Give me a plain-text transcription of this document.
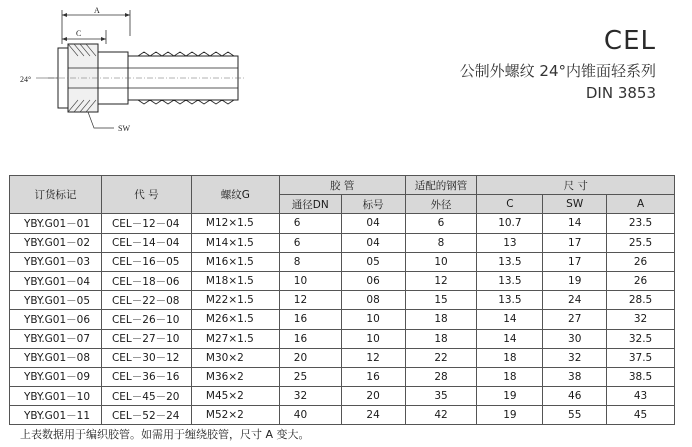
A
C
24°
SW
CEL
公制外螺纹 24°内锥面轻系列
DIN 3853
订货标记	代 号	螺纹G	胶 管		适配的钢管	尺 寸		
			通径DN	标号	外径	C	SW	A
YBY.G01－01	CEL－12－04	M12×1.5	6	04	6	10.7	14	23.5
YBY.G01－02	CEL－14－04	M14×1.5	6	04	8	13	17	25.5
YBY.G01－03	CEL－16－05	M16×1.5	8	05	10	13.5	17	26
YBY.G01－04	CEL－18－06	M18×1.5	10	06	12	13.5	19	26
YBY.G01－05	CEL－22－08	M22×1.5	12	08	15	13.5	24	28.5
YBY.G01－06	CEL－26－10	M26×1.5	16	10	18	14	27	32
YBY.G01－07	CEL－27－10	M27×1.5	16	10	18	14	30	32.5
YBY.G01－08	CEL－30－12	M30×2	20	12	22	18	32	37.5
YBY.G01－09	CEL－36－16	M36×2	25	16	28	18	38	38.5
YBY.G01－10	CEL－45－20	M45×2	32	20	35	19	46	43
YBY.G01－11	CEL－52－24	M52×2	40	24	42	19	55	45
上表数据用于编织胶管。如需用于缠绕胶管，尺寸 A 变大。
